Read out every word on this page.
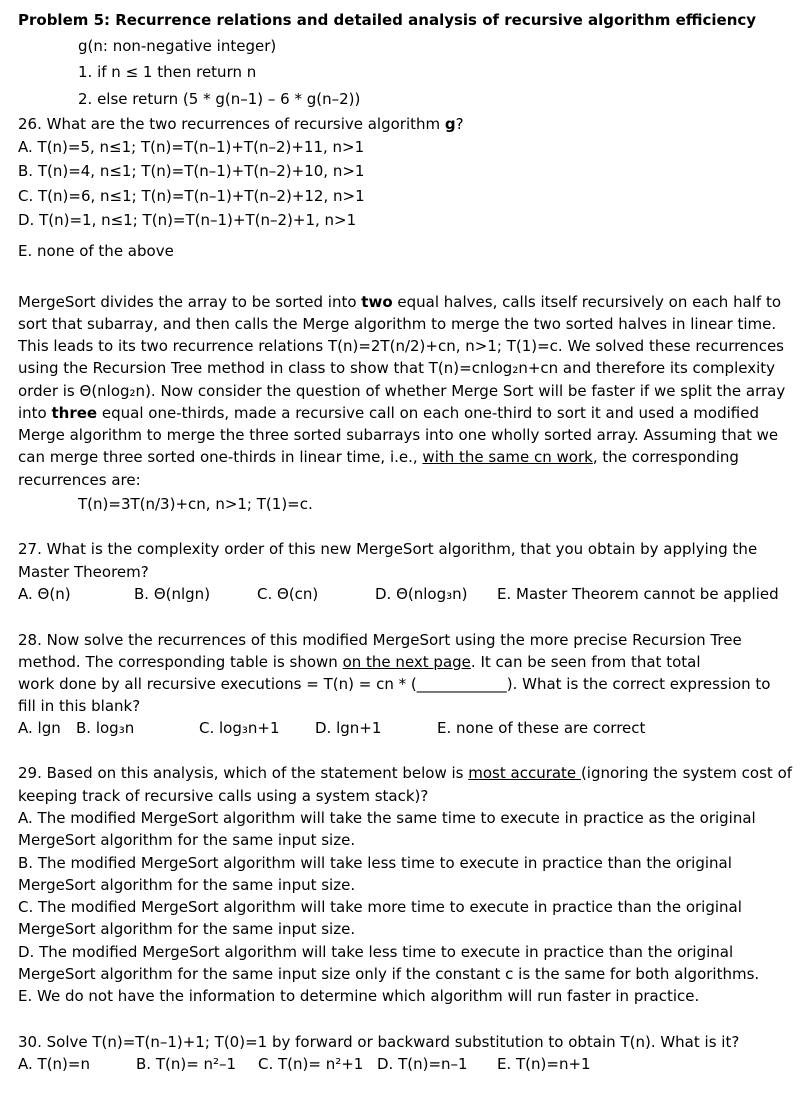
Problem 5: Recurrence relations and detailed analysis of recursive algorithm efficiency
g(n: non-negative integer)
1. if n ≤ 1 then return n
2. else return (5 * g(n–1) – 6 * g(n–2))
26. What are the two recurrences of recursive algorithm g?
A. T(n)=5, n≤1; T(n)=T(n–1)+T(n–2)+11, n>1
B. T(n)=4, n≤1; T(n)=T(n–1)+T(n–2)+10, n>1
C. T(n)=6, n≤1; T(n)=T(n–1)+T(n–2)+12, n>1
D. T(n)=1, n≤1; T(n)=T(n–1)+T(n–2)+1, n>1
E. none of the above
MergeSort divides the array to be sorted into two equal halves, calls itself recursively on each half to
sort that subarray, and then calls the Merge algorithm to merge the two sorted halves in linear time.
This leads to its two recurrence relations T(n)=2T(n/2)+cn, n>1; T(1)=c. We solved these recurrences
using the Recursion Tree method in class to show that T(n)=cnlog₂n+cn and therefore its complexity
order is Θ(nlog₂n). Now consider the question of whether Merge Sort will be faster if we split the array
into three equal one-thirds, made a recursive call on each one-third to sort it and used a modified
Merge algorithm to merge the three sorted subarrays into one wholly sorted array. Assuming that we
can merge three sorted one-thirds in linear time, i.e., with the same cn work, the corresponding
recurrences are:
T(n)=3T(n/3)+cn, n>1; T(1)=c.
27. What is the complexity order of this new MergeSort algorithm, that you obtain by applying the
Master Theorem?
A. Θ(n)	B. Θ(nlgn)	C. Θ(cn)	D. Θ(nlog₃n) E. Master Theorem cannot be applied
28. Now solve the recurrences of this modified MergeSort using the more precise Recursion Tree
method. The corresponding table is shown on the next page. It can be seen from that total
work done by all recursive executions = T(n) = cn * (____________). What is the correct expression to
fill in this blank?
A. lgn B. log₃n	C. log₃n+1 D. lgn+1	E. none of these are correct
29. Based on this analysis, which of the statement below is most accurate (ignoring the system cost of
keeping track of recursive calls using a system stack)?
A. The modified MergeSort algorithm will take the same time to execute in practice as the original
MergeSort algorithm for the same input size.
B. The modified MergeSort algorithm will take less time to execute in practice than the original
MergeSort algorithm for the same input size.
C. The modified MergeSort algorithm will take more time to execute in practice than the original
MergeSort algorithm for the same input size.
D. The modified MergeSort algorithm will take less time to execute in practice than the original
MergeSort algorithm for the same input size only if the constant c is the same for both algorithms.
E. We do not have the information to determine which algorithm will run faster in practice.
30. Solve T(n)=T(n–1)+1; T(0)=1 by forward or backward substitution to obtain T(n). What is it?
A. T(n)=n	B. T(n)= n²–1 C. T(n)= n²+1 D. T(n)=n–1 E. T(n)=n+1
